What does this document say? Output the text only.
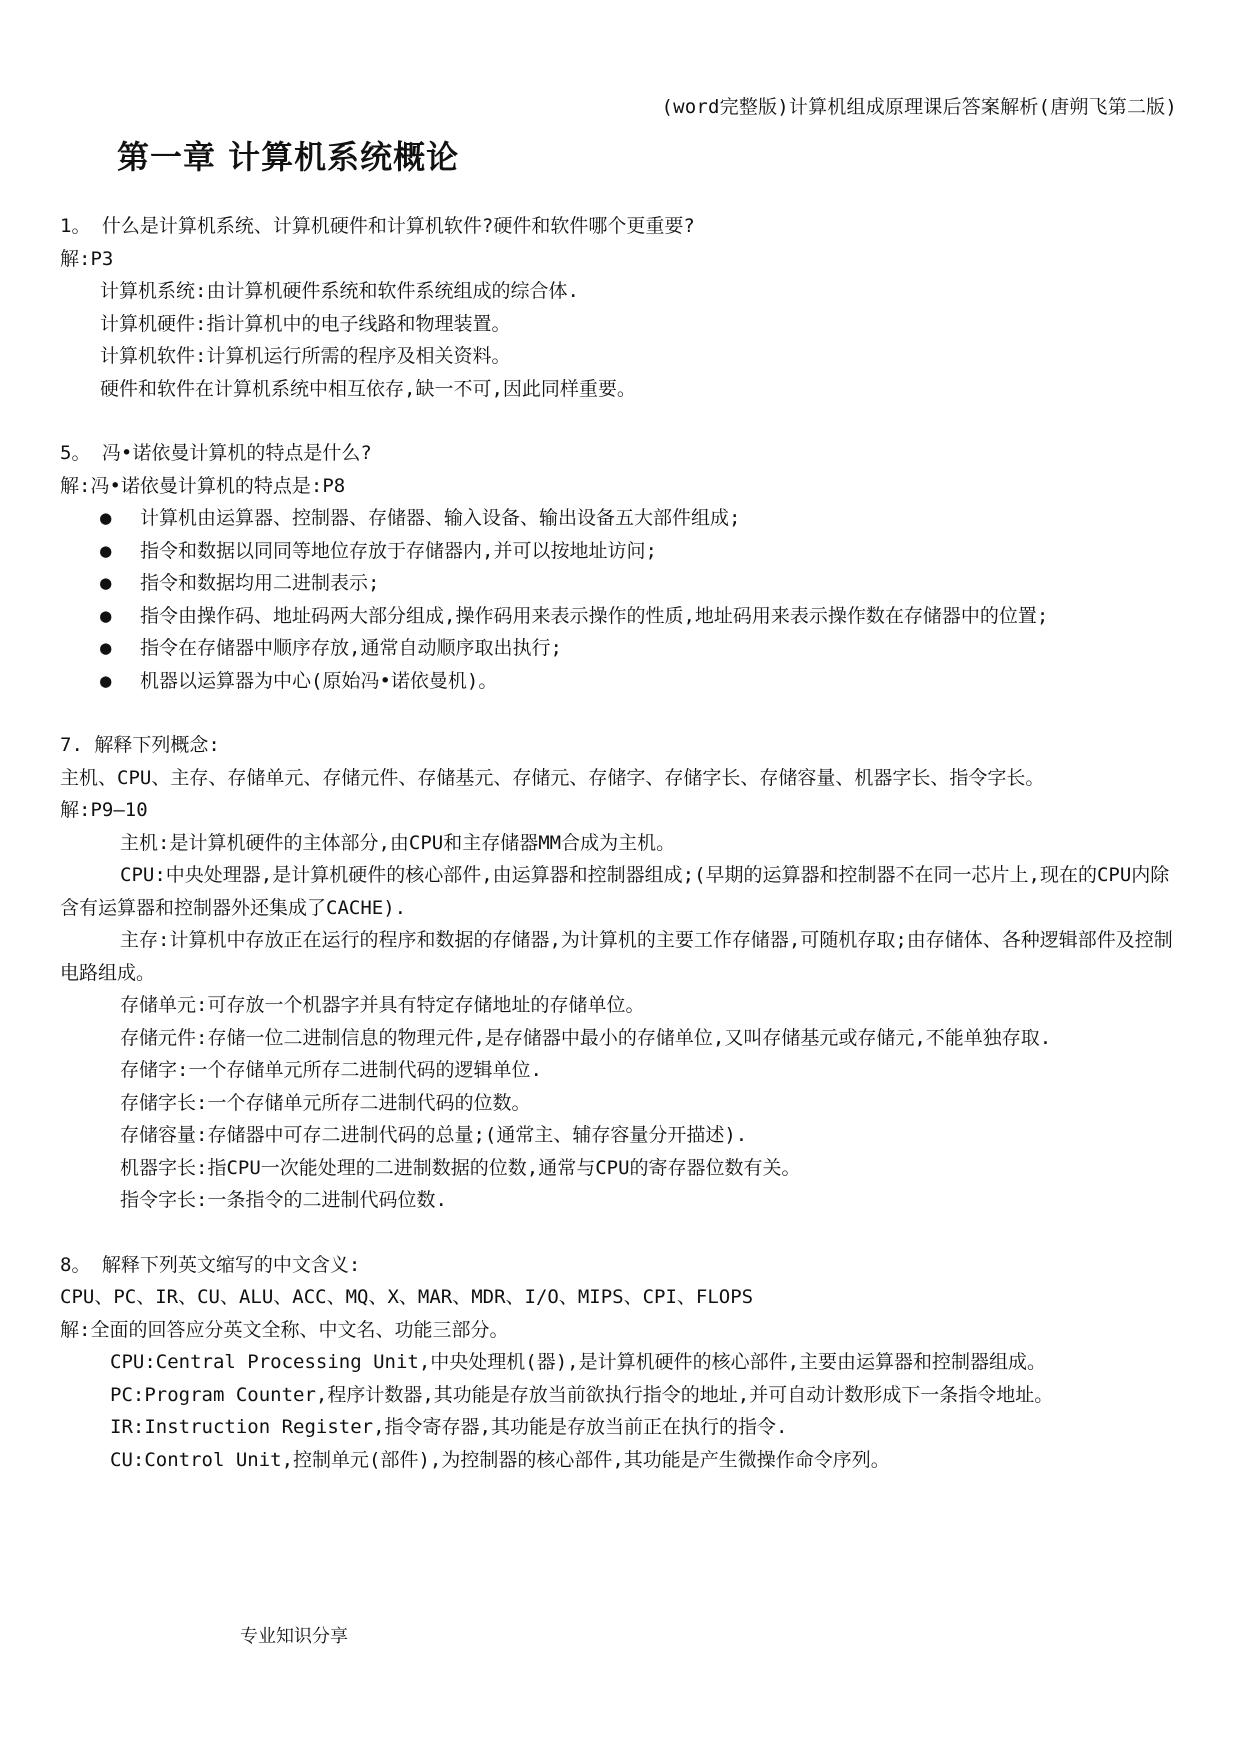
(word完整版)计算机组成原理课后答案解析(唐朔飞第二版)
第一章 计算机系统概论

1。 什么是计算机系统、计算机硬件和计算机软件?硬件和软件哪个更重要?

解:P3

计算机系统:由计算机硬件系统和软件系统组成的综合体.

计算机硬件:指计算机中的电子线路和物理装置。

计算机软件:计算机运行所需的程序及相关资料。

硬件和软件在计算机系统中相互依存,缺一不可,因此同样重要。

5。 冯•诺依曼计算机的特点是什么?

解:冯•诺依曼计算机的特点是:P8

● 计算机由运算器、控制器、存储器、输入设备、输出设备五大部件组成;
● 指令和数据以同同等地位存放于存储器内,并可以按地址访问;
● 指令和数据均用二进制表示;
● 指令由操作码、地址码两大部分组成,操作码用来表示操作的性质,地址码用来表示操作数在存储器中的位置;
● 指令在存储器中顺序存放,通常自动顺序取出执行;
● 机器以运算器为中心(原始冯•诺依曼机)。

7. 解释下列概念:

主机、CPU、主存、存储单元、存储元件、存储基元、存储元、存储字、存储字长、存储容量、机器字长、指令字长。

解:P9—10

主机:是计算机硬件的主体部分,由CPU和主存储器MM合成为主机。

CPU:中央处理器,是计算机硬件的核心部件,由运算器和控制器组成;(早期的运算器和控制器不在同一芯片上,现在的CPU内除含有运算器和控制器外还集成了CACHE).

主存:计算机中存放正在运行的程序和数据的存储器,为计算机的主要工作存储器,可随机存取;由存储体、各种逻辑部件及控制电路组成。

存储单元:可存放一个机器字并具有特定存储地址的存储单位。

存储元件:存储一位二进制信息的物理元件,是存储器中最小的存储单位,又叫存储基元或存储元,不能单独存取.

存储字:一个存储单元所存二进制代码的逻辑单位.

存储字长:一个存储单元所存二进制代码的位数。

存储容量:存储器中可存二进制代码的总量;(通常主、辅存容量分开描述).

机器字长:指CPU一次能处理的二进制数据的位数,通常与CPU的寄存器位数有关。

指令字长:一条指令的二进制代码位数.

8。 解释下列英文缩写的中文含义:

CPU、PC、IR、CU、ALU、ACC、MQ、X、MAR、MDR、I/O、MIPS、CPI、FLOPS

解:全面的回答应分英文全称、中文名、功能三部分。

CPU:Central Processing Unit,中央处理机(器),是计算机硬件的核心部件,主要由运算器和控制器组成。

PC:Program Counter,程序计数器,其功能是存放当前欲执行指令的地址,并可自动计数形成下一条指令地址。

IR:Instruction Register,指令寄存器,其功能是存放当前正在执行的指令.

CU:Control Unit,控制单元(部件),为控制器的核心部件,其功能是产生微操作命令序列。

专业知识分享
